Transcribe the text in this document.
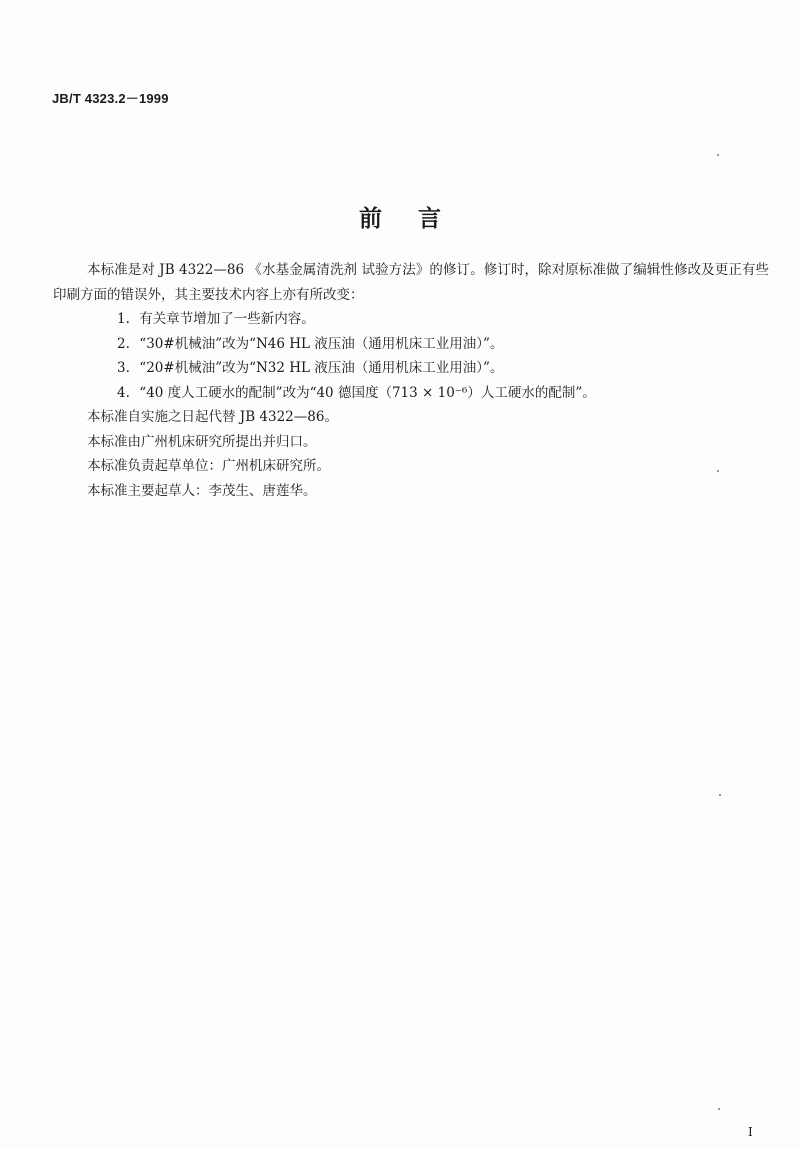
JB/T 4323.2－1999
前言

本标准是对 JB 4322—86 《水基金属清洗剂 试验方法》的修订。修订时，除对原标准做了编辑性修改及更正有些印刷方面的错误外，其主要技术内容上亦有所改变：

1. 有关章节增加了一些新内容。
2. “30#机械油”改为“N46 HL 液压油（通用机床工业用油）”。
3. “20#机械油”改为“N32 HL 液压油（通用机床工业用油）”。
4. “40 度人工硬水的配制”改为“40 德国度（713 × 10⁻⁶）人工硬水的配制”。

本标准自实施之日起代替 JB 4322—86。

本标准由广州机床研究所提出并归口。

本标准负责起草单位：广州机床研究所。

本标准主要起草人：李茂生、唐莲华。

I
